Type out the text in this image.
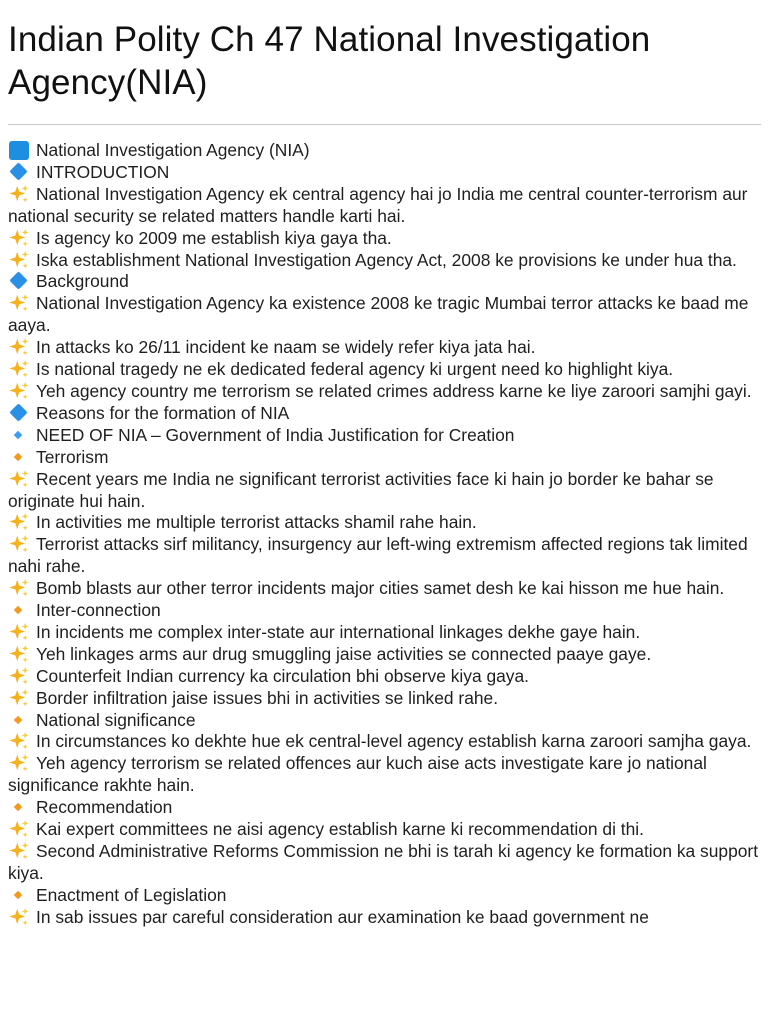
Indian Polity Ch 47 National Investigation Agency(NIA)
National Investigation Agency (NIA)
INTRODUCTION
National Investigation Agency ek central agency hai jo India me central counter-terrorism aur national security se related matters handle karti hai.
Is agency ko 2009 me establish kiya gaya tha.
Iska establishment National Investigation Agency Act, 2008 ke provisions ke under hua tha.
Background
National Investigation Agency ka existence 2008 ke tragic Mumbai terror attacks ke baad me aaya.
In attacks ko 26/11 incident ke naam se widely refer kiya jata hai.
Is national tragedy ne ek dedicated federal agency ki urgent need ko highlight kiya.
Yeh agency country me terrorism se related crimes address karne ke liye zaroori samjhi gayi.
Reasons for the formation of NIA
NEED OF NIA – Government of India Justification for Creation
Terrorism
Recent years me India ne significant terrorist activities face ki hain jo border ke bahar se originate hui hain.
In activities me multiple terrorist attacks shamil rahe hain.
Terrorist attacks sirf militancy, insurgency aur left-wing extremism affected regions tak limited nahi rahe.
Bomb blasts aur other terror incidents major cities samet desh ke kai hisson me hue hain.
Inter-connection
In incidents me complex inter-state aur international linkages dekhe gaye hain.
Yeh linkages arms aur drug smuggling jaise activities se connected paaye gaye.
Counterfeit Indian currency ka circulation bhi observe kiya gaya.
Border infiltration jaise issues bhi in activities se linked rahe.
National significance
In circumstances ko dekhte hue ek central-level agency establish karna zaroori samjha gaya.
Yeh agency terrorism se related offences aur kuch aise acts investigate kare jo national significance rakhte hain.
Recommendation
Kai expert committees ne aisi agency establish karne ki recommendation di thi.
Second Administrative Reforms Commission ne bhi is tarah ki agency ke formation ka support kiya.
Enactment of Legislation
In sab issues par careful consideration aur examination ke baad government ne
